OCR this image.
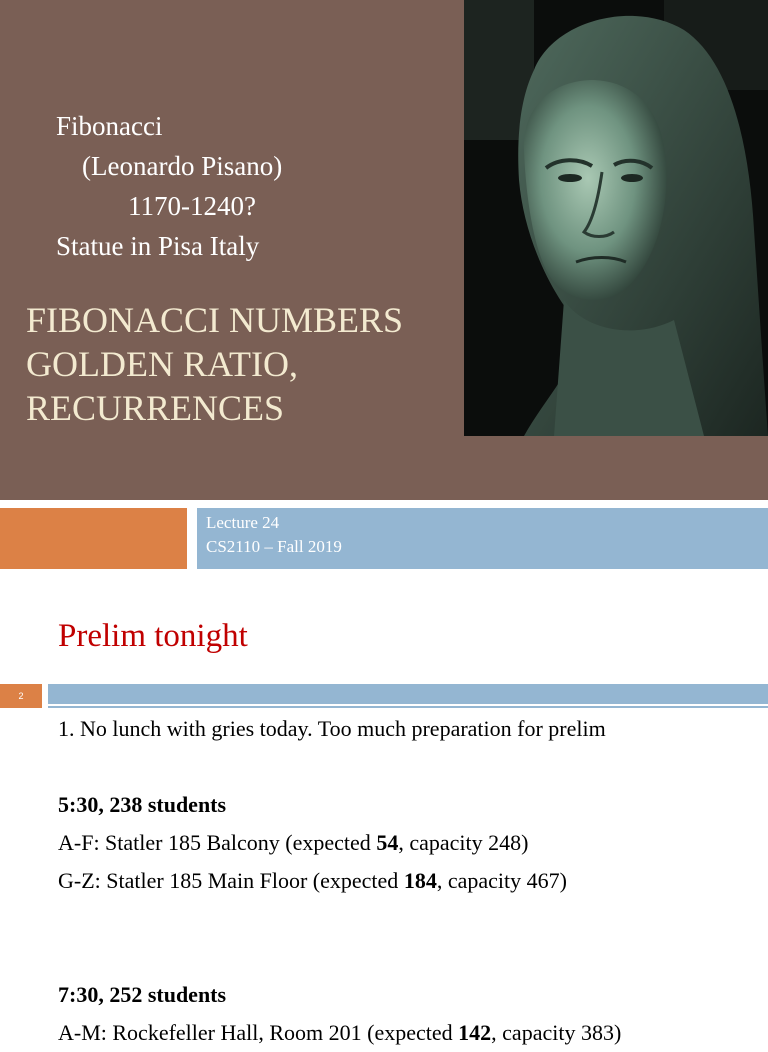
Fibonacci
(Leonardo Pisano)
1170-1240?
Statue in Pisa Italy
FIBONACCI NUMBERS
GOLDEN RATIO,
RECURRENCES
Lecture 24
CS2110 – Fall 2019
Prelim tonight
2
1. No lunch with gries today. Too much preparation for prelim
5:30, 238 students
A-F: Statler 185 Balcony (expected 54, capacity 248)
G-Z: Statler 185 Main Floor (expected 184, capacity 467)
7:30, 252 students
A-M: Rockefeller Hall, Room 201 (expected 142, capacity 383)
